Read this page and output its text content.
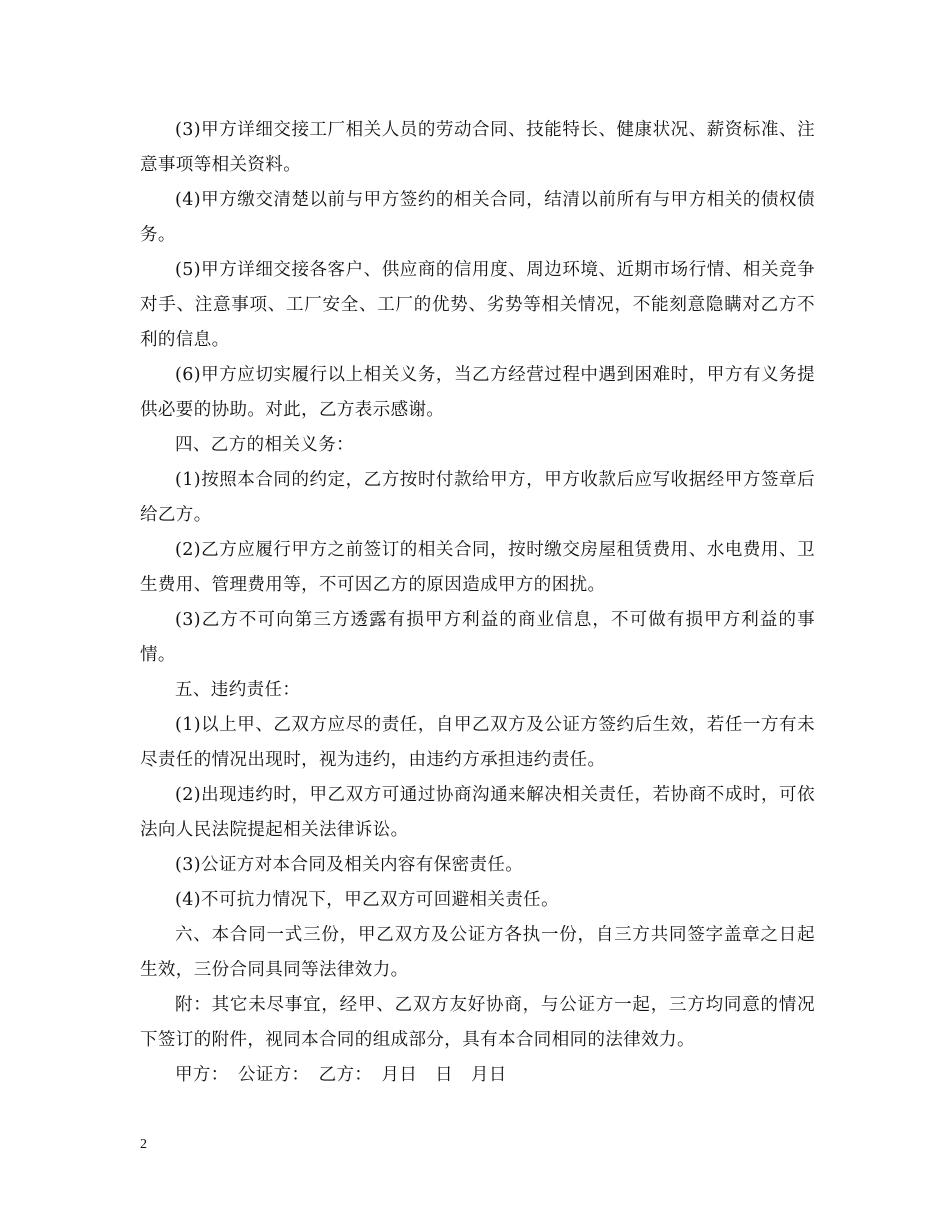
(3)甲方详细交接工厂相关人员的劳动合同、技能特长、健康状况、薪资标准、注意事项等相关资料。

(4)甲方缴交清楚以前与甲方签约的相关合同，结清以前所有与甲方相关的债权债务。

(5)甲方详细交接各客户、供应商的信用度、周边环境、近期市场行情、相关竞争对手、注意事项、工厂安全、工厂的优势、劣势等相关情况，不能刻意隐瞒对乙方不利的信息。

(6)甲方应切实履行以上相关义务，当乙方经营过程中遇到困难时，甲方有义务提供必要的协助。对此，乙方表示感谢。

四、乙方的相关义务：

(1)按照本合同的约定，乙方按时付款给甲方，甲方收款后应写收据经甲方签章后给乙方。

(2)乙方应履行甲方之前签订的相关合同，按时缴交房屋租赁费用、水电费用、卫生费用、管理费用等，不可因乙方的原因造成甲方的困扰。

(3)乙方不可向第三方透露有损甲方利益的商业信息，不可做有损甲方利益的事情。

五、违约责任：

(1)以上甲、乙双方应尽的责任，自甲乙双方及公证方签约后生效，若任一方有未尽责任的情况出现时，视为违约，由违约方承担违约责任。

(2)出现违约时，甲乙双方可通过协商沟通来解决相关责任，若协商不成时，可依法向人民法院提起相关法律诉讼。

(3)公证方对本合同及相关内容有保密责任。

(4)不可抗力情况下，甲乙双方可回避相关责任。

六、本合同一式三份，甲乙双方及公证方各执一份，自三方共同签字盖章之日起生效，三份合同具同等法律效力。

附：其它未尽事宜，经甲、乙双方友好协商，与公证方一起，三方均同意的情况下签订的附件，视同本合同的组成部分，具有本合同相同的法律效力。

甲方：　公证方：　乙方：　月日　日　月日

2
